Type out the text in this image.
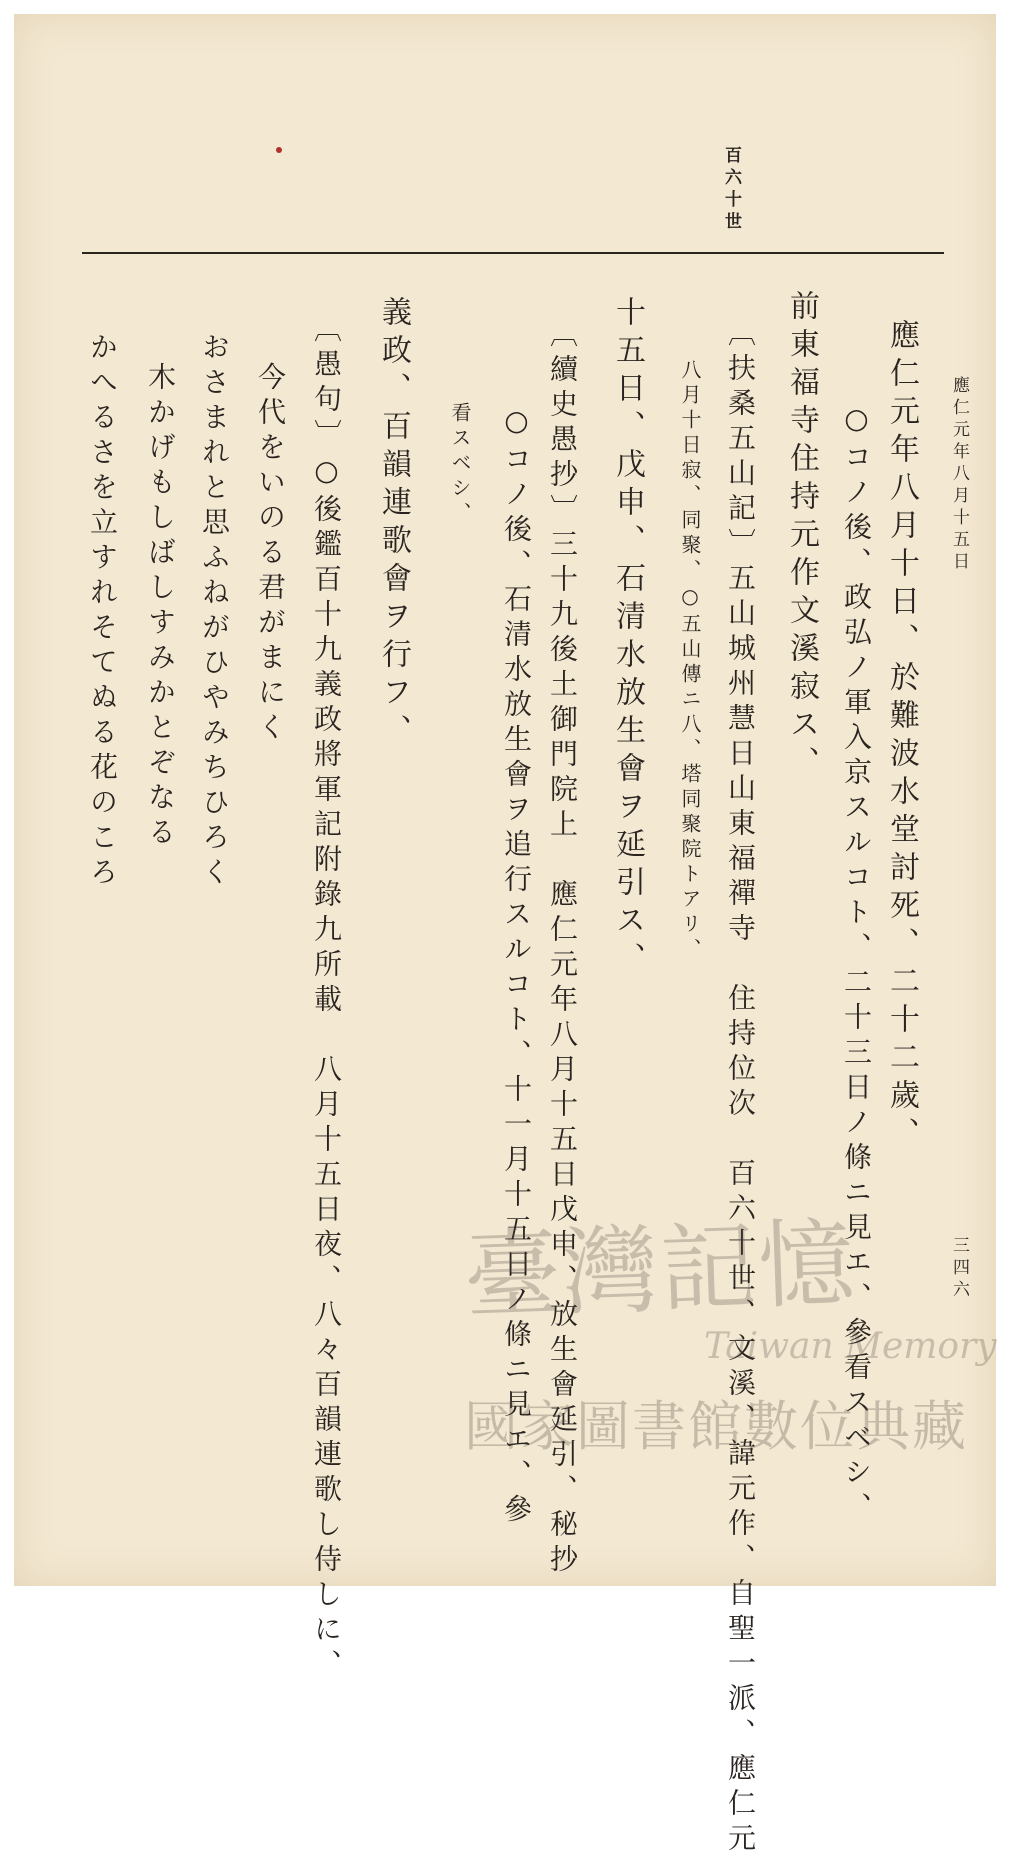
應仁元年八月十五日
三四六
百六十世
應仁元年八月十日、於難波水堂討死、二十二歲、
○コノ後、政弘ノ軍入京スルコト、二十三日ノ條ニ見エ、參看スベシ、
前東福寺住持元作文溪寂ス、
〔扶桑五山記〕五山城州慧日山東福禪寺　住持位次　百六十世、文溪、諱元作、自聖一派、應仁元
八月十日寂、同聚、○五山傳ニ八、塔同聚院トアリ、
十五日、戊申、石清水放生會ヲ延引ス、
〔續史愚抄〕三十九後土御門院上　應仁元年八月十五日戊申、放生會延引、秘抄
○コノ後、石清水放生會ヲ追行スルコト、十一月十五日ノ條ニ見エ、參
看スベシ、
義政、百韻連歌會ヲ行フ、
〔愚句〕○後鑑百十九義政將軍記附錄九所載　八月十五日夜、八々百韻連歌し侍しに、
今代をいのる君がまにく
おさまれと思ふねがひやみちひろく
木かげもしばしすみかとぞなる
かへるさを立すれそてぬる花のころ
臺灣記憶
Taiwan Memory
國家圖書館數位典藏
